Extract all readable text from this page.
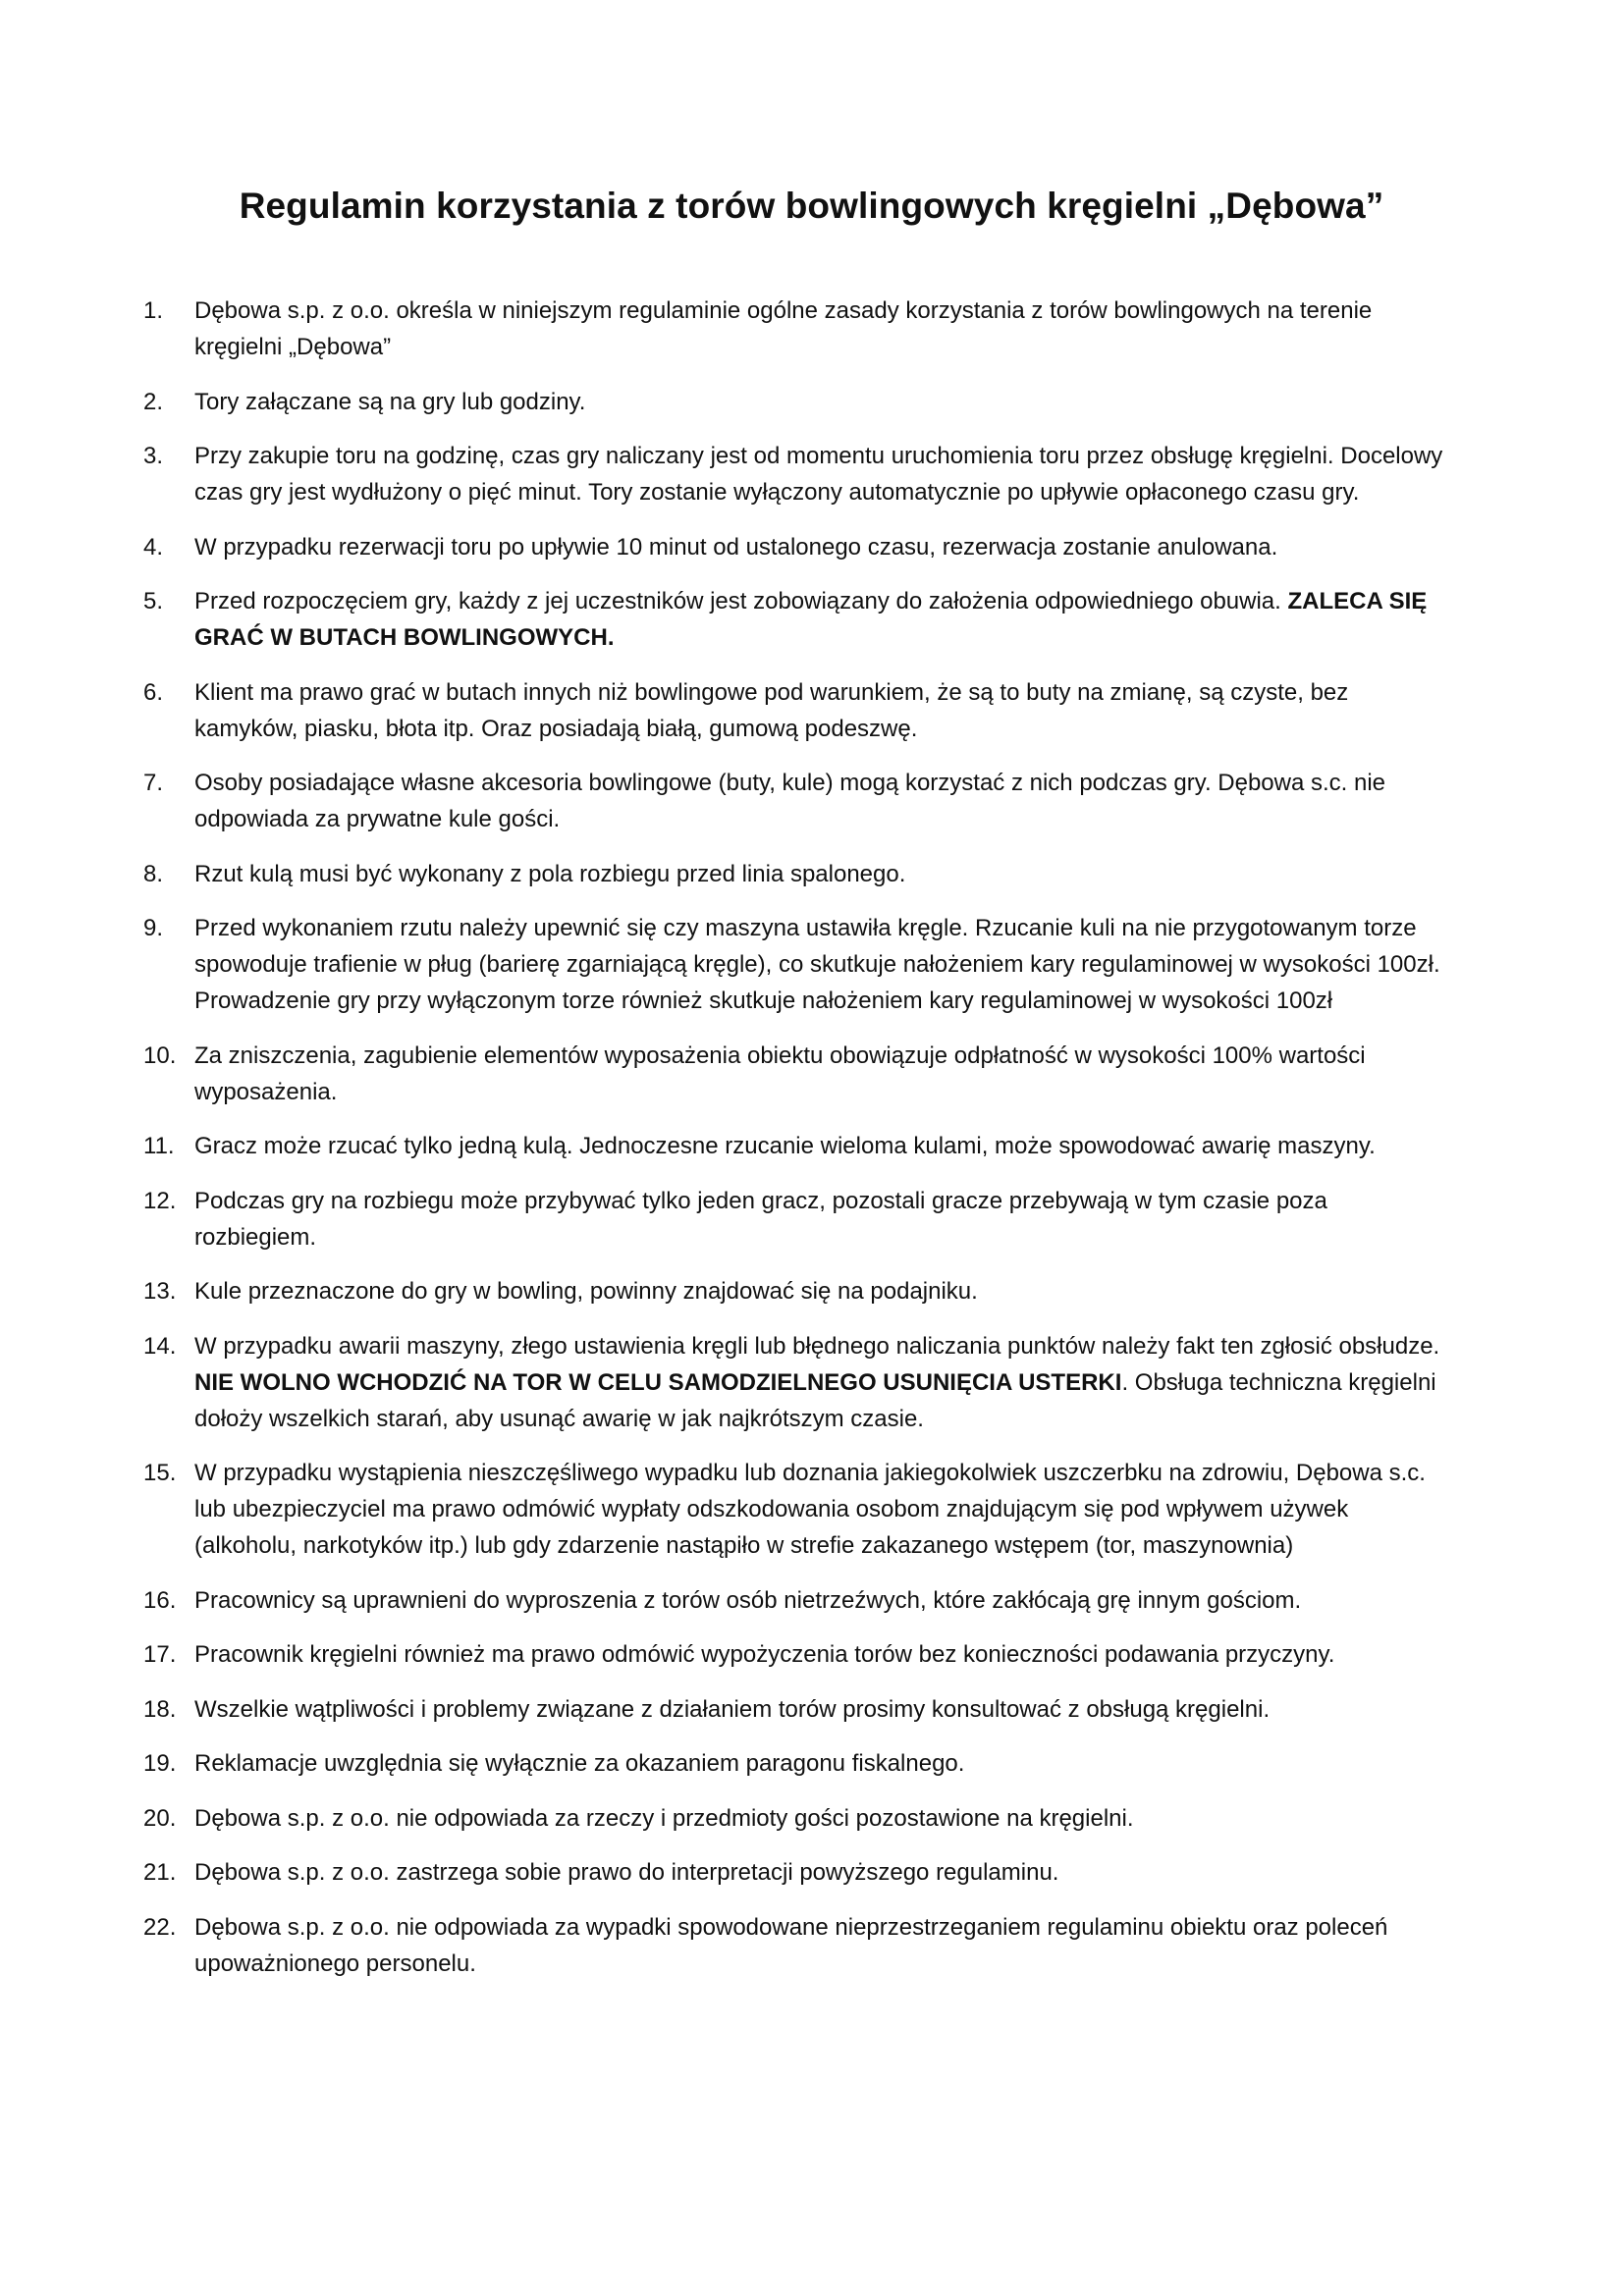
Regulamin korzystania z torów bowlingowych kręgielni „Dębowa”
1.	Dębowa s.p. z o.o. określa w niniejszym regulaminie ogólne zasady korzystania z torów bowlingowych na terenie kręgielni „Dębowa”
2.	Tory załączane są na gry lub godziny.
3.	Przy zakupie toru na godzinę, czas gry naliczany jest od momentu uruchomienia toru przez obsługę kręgielni. Docelowy czas gry jest wydłużony o pięć minut. Tory zostanie wyłączony automatycznie po upływie opłaconego czasu gry.
4.	W przypadku rezerwacji toru po upływie 10 minut od ustalonego czasu, rezerwacja zostanie anulowana.
5.	Przed rozpoczęciem gry, każdy z jej uczestników jest zobowiązany do założenia odpowiedniego obuwia. ZALECA SIĘ GRAĆ W BUTACH BOWLINGOWYCH.
6.	Klient ma prawo grać w butach innych niż bowlingowe pod warunkiem, że są to buty na zmianę, są czyste, bez kamyków, piasku, błota itp. Oraz posiadają białą, gumową podeszwę.
7.	Osoby posiadające własne akcesoria bowlingowe (buty, kule) mogą korzystać z nich podczas gry. Dębowa s.c. nie odpowiada za prywatne kule gości.
8.	Rzut kulą musi być wykonany z pola rozbiegu przed linia spalonego.
9.	Przed wykonaniem rzutu należy upewnić się czy maszyna ustawiła kręgle. Rzucanie kuli na nie przygotowanym torze spowoduje trafienie w pług (barierę zgarniającą kręgle), co skutkuje nałożeniem kary regulaminowej w wysokości 100zł. Prowadzenie gry przy wyłączonym torze również skutkuje nałożeniem kary regulaminowej w wysokości 100zł
10. Za zniszczenia, zagubienie elementów wyposażenia obiektu obowiązuje odpłatność w wysokości 100% wartości wyposażenia.
11. Gracz może rzucać tylko jedną kulą. Jednoczesne rzucanie wieloma kulami, może spowodować awarię maszyny.
12. Podczas gry na rozbiegu może przybywać tylko jeden gracz, pozostali gracze przebywają w tym czasie poza rozbiegiem.
13. Kule przeznaczone do gry w bowling, powinny znajdować się na podajniku.
14. W przypadku awarii maszyny, złego ustawienia kręgli lub błędnego naliczania punktów należy fakt ten zgłosić obsłudze. NIE WOLNO WCHODZIĆ NA TOR W CELU SAMODZIELNEGO USUNIĘCIA USTERKI. Obsługa techniczna kręgielni dołoży wszelkich starań, aby usunąć awarię w jak najkrótszym czasie.
15. W przypadku wystąpienia nieszczęśliwego wypadku lub doznania jakiegokolwiek uszczerbku na zdrowiu, Dębowa s.c. lub ubezpieczyciel ma prawo odmówić wypłaty odszkodowania osobom znajdującym się pod wpływem używek (alkoholu, narkotyków itp.) lub gdy zdarzenie nastąpiło w strefie zakazanego wstępem (tor, maszynownia)
16. Pracownicy są uprawnieni do wyproszenia z torów osób nietrzeźwych, które zakłócają grę innym gościom.
17. Pracownik kręgielni również ma prawo odmówić wypożyczenia torów bez konieczności podawania przyczyny.
18. Wszelkie wątpliwości i problemy związane z działaniem torów prosimy konsultować z obsługą kręgielni.
19. Reklamacje uwzględnia się wyłącznie za okazaniem paragonu fiskalnego.
20. Dębowa s.p. z o.o. nie odpowiada za rzeczy i przedmioty gości pozostawione na kręgielni.
21. Dębowa s.p. z o.o. zastrzega sobie prawo do interpretacji powyższego regulaminu.
22. Dębowa s.p. z o.o. nie odpowiada za wypadki spowodowane nieprzestrzeganiem regulaminu obiektu oraz poleceń upoważnionego personelu.
